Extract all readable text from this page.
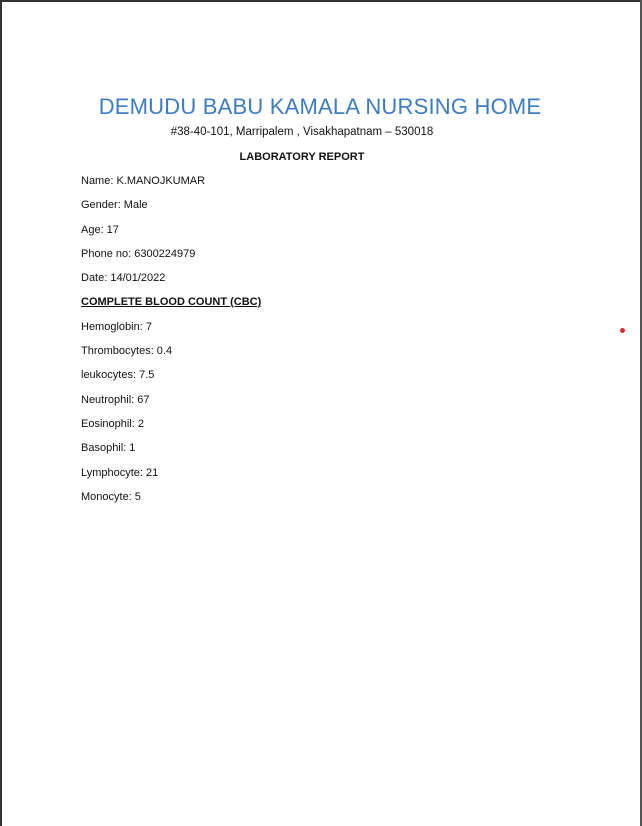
DEMUDU BABU KAMALA NURSING HOME

#38-40-101, Marripalem , Visakhapatnam – 530018

LABORATORY REPORT

Name: K.MANOJKUMAR

Gender: Male

Age: 17

Phone no: 6300224979

Date: 14/01/2022

COMPLETE BLOOD COUNT (CBC)

Hemoglobin: 7

Thrombocytes: 0.4

leukocytes: 7.5

Neutrophil: 67

Eosinophil: 2

Basophil: 1

Lymphocyte: 21

Monocyte: 5
